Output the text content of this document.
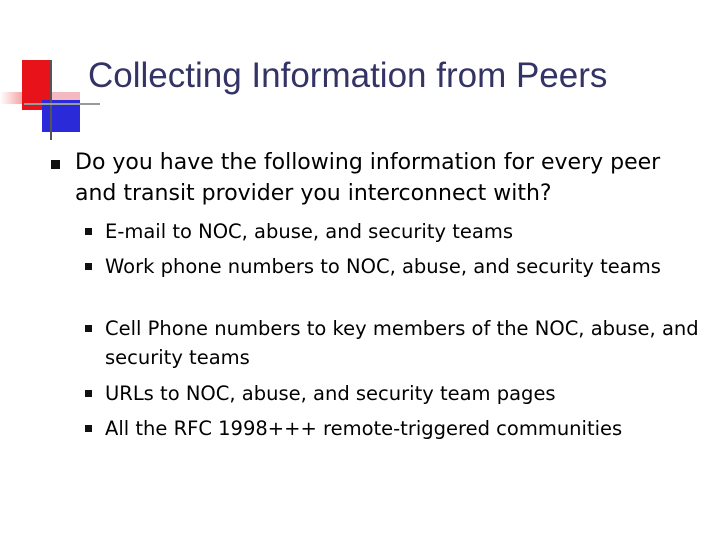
Collecting Information from Peers
Do you have the following information for every peer and transit provider you interconnect with?
E-mail to NOC, abuse, and security teams
Work phone numbers to NOC, abuse, and security teams
Cell Phone numbers to key members of the NOC, abuse, and security teams
URLs to NOC, abuse, and security team pages
All the RFC 1998+++ remote-triggered communities
